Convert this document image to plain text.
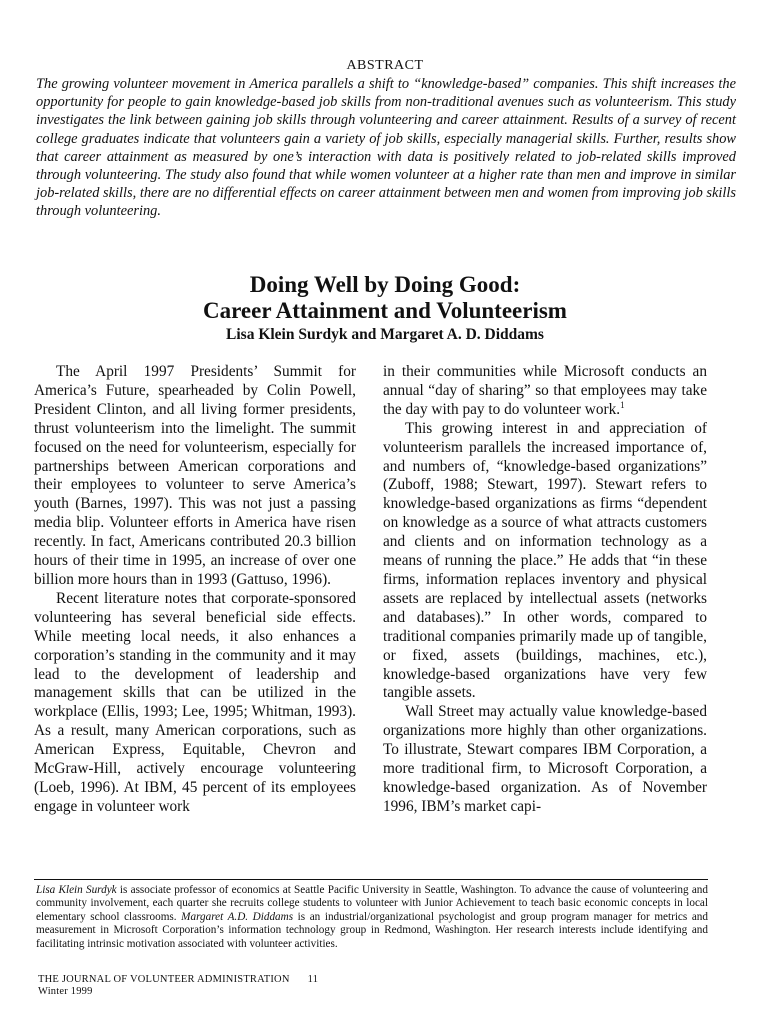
ABSTRACT
The growing volunteer movement in America parallels a shift to “knowledge-based” companies. This shift increases the opportunity for people to gain knowledge-based job skills from non-traditional avenues such as volunteerism. This study investigates the link between gaining job skills through volunteering and career attainment. Results of a survey of recent college graduates indicate that volunteers gain a variety of job skills, especially managerial skills. Further, results show that career attainment as measured by one’s interaction with data is positively related to job-related skills improved through volunteering. The study also found that while women volunteer at a higher rate than men and improve in similar job-related skills, there are no differential effects on career attainment between men and women from improving job skills through volunteering.
Doing Well by Doing Good:
Career Attainment and Volunteerism
Lisa Klein Surdyk and Margaret A. D. Diddams

The April 1997 Presidents’ Summit for America’s Future, spearheaded by Colin Powell, President Clinton, and all living former presidents, thrust volunteerism into the limelight. The summit focused on the need for volunteerism, especially for partnerships between American corporations and their employees to volunteer to serve America’s youth (Barnes, 1997). This was not just a passing media blip. Volunteer efforts in America have risen recently. In fact, Americans contributed 20.3 billion hours of their time in 1995, an increase of over one billion more hours than in 1993 (Gattuso, 1996).

Recent literature notes that corporate-sponsored volunteering has several beneficial side effects. While meeting local needs, it also enhances a corporation’s standing in the community and it may lead to the development of leadership and management skills that can be utilized in the workplace (Ellis, 1993; Lee, 1995; Whitman, 1993). As a result, many American corporations, such as American Express, Equitable, Chevron and McGraw-Hill, actively encourage volunteering (Loeb, 1996). At IBM, 45 percent of its employees engage in volunteer work

in their communities while Microsoft conducts an annual “day of sharing” so that employees may take the day with pay to do volunteer work.$^1$

This growing interest in and appreciation of volunteerism parallels the increased importance of, and numbers of, “knowledge-based organizations” (Zuboff, 1988; Stewart, 1997). Stewart refers to knowledge-based organizations as firms “dependent on knowledge as a source of what attracts customers and clients and on information technology as a means of running the place.” He adds that “in these firms, information replaces inventory and physical assets are replaced by intellectual assets (networks and databases).” In other words, compared to traditional companies primarily made up of tangible, or fixed, assets (buildings, machines, etc.), knowledge-based organizations have very few tangible assets.

Wall Street may actually value knowledge-based organizations more highly than other organizations. To illustrate, Stewart compares IBM Corporation, a more traditional firm, to Microsoft Corporation, a knowledge-based organization. As of November 1996, IBM’s market capi-

Lisa Klein Surdyk is associate professor of economics at Seattle Pacific University in Seattle, Washington. To advance the cause of volunteering and community involvement, each quarter she recruits college students to volunteer with Junior Achievement to teach basic economic concepts in local elementary school classrooms. Margaret A.D. Diddams is an industrial/organizational psychologist and group program manager for metrics and measurement in Microsoft Corporation’s information technology group in Redmond, Washington. Her research interests include identifying and facilitating intrinsic motivation associated with volunteer activities.
THE JOURNAL OF VOLUNTEER ADMINISTRATION 11
Winter 1999
